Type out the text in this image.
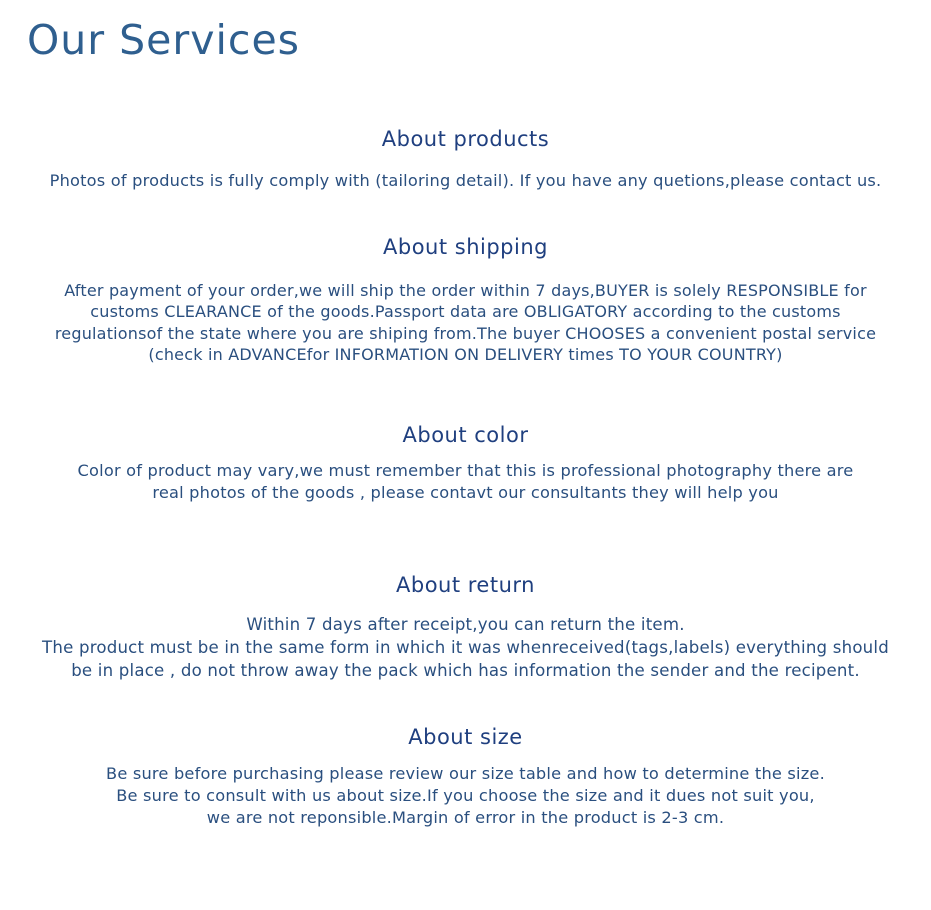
Our Services
About products
Photos of products is fully comply with (tailoring detail). If you have any quetions,please contact us.
About shipping
After payment of your order,we will ship the order within 7 days,BUYER is solely RESPONSIBLE for
customs CLEARANCE of the goods.Passport data are OBLIGATORY according to the customs
regulationsof the state where you are shiping from.The buyer CHOOSES a convenient postal service
(check in ADVANCEfor INFORMATION ON DELIVERY times TO YOUR COUNTRY)
About color
Color of product may vary,we must remember that this is professional photography there are
real photos of the goods , please contavt our consultants they will help you
About return
Within 7 days after receipt,you can return the item.
The product must be in the same form in which it was whenreceived(tags,labels) everything should
be in place , do not throw away the pack which has information the sender and the recipent.
About size
Be sure before purchasing please review our size table and how to determine the size.
Be sure to consult with us about size.If you choose the size and it dues not suit you,
we are not reponsible.Margin of error in the product is 2-3 cm.
